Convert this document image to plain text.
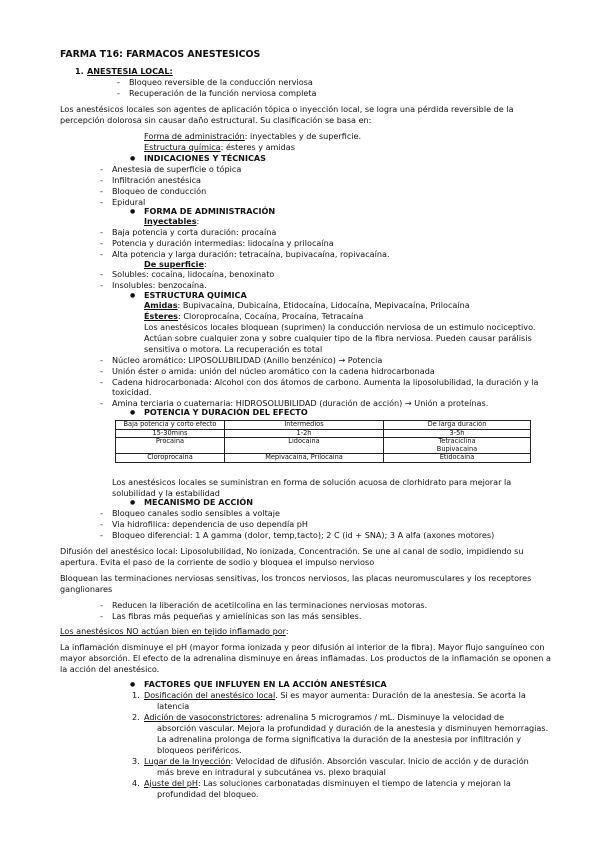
FARMA T16: FARMACOS ANESTESICOS
1. ANESTESIA LOCAL:
- Bloqueo reversible de la conducción nerviosa
- Recuperación de la función nerviosa completa
Los anestésicos locales son agentes de aplicación tópica o inyección local, se logra una pérdida reversible de la
percepción dolorosa sin causar daño estructural. Su clasificación se basa en:
Forma de administración: inyectables y de superficie.
Estructura química: ésteres y amidas
● INDICACIONES Y TÉCNICAS
- Anestesia de superficie o tópica
- Infiltración anestésica
- Bloqueo de conducción
- Epidural
● FORMA DE ADMINISTRACIÓN
Inyectables:
- Baja potencia y corta duración: procaína
- Potencia y duración intermedias: lidocaína y prilocaína
- Alta potencia y larga duración: tetracaína, bupivacaína, ropivacaína.
De superficie:
- Solubles: cocaína, lidocaína, benoxinato
- Insolubles: benzocaína.
● ESTRUCTURA QUÍMICA
Amidas: Bupivacaína, Dubicaína, Etidocaína, Lidocaína, Mepivacaína, Prilocaína
Ésteres: Cloroprocaína, Cocaína, Procaína, Tetracaína
Los anestésicos locales bloquean (suprimen) la conducción nerviosa de un estimulo nociceptivo.
Actúan sobre cualquier zona y sobre cualquier tipo de la fibra nerviosa. Pueden causar parálisis
sensitiva o motora. La recuperación es total
- Núcleo aromático: LIPOSOLUBILIDAD (Anillo benzénico) → Potencia
- Unión éster o amida: unión del núcleo aromático con la cadena hidrocarbonada
- Cadena hidrocarbonada: Alcohol con dos átomos de carbono. Aumenta la liposolubilidad, la duración y la
toxicidad.
- Amina terciaria o cuaternaria: HIDROSOLUBILIDAD (duración de acción) → Unión a proteínas.
● POTENCIA Y DURACIÓN DEL EFECTO
Baja potencia y corto efecto	Intermedios	De larga duración
15-30mins	1-2h	3-5h
Procaína	Lidocaína	Tetracíclina
Bupivacaina

Cloroprocaína	Mepivacaína, Prilocaína	Etidocaina
Los anestésicos locales se suministran en forma de solución acuosa de clorhidrato para mejorar la
solubilidad y la estabilidad
● MECANISMO DE ACCIÓN
- Bloqueo canales sodio sensibles a voltaje
- Via hidrofilica: dependencia de uso dependía pH
- Bloqueo diferencial: 1 A gamma (dolor, temp,tacto); 2 C (id + SNA); 3 A alfa (axones motores)
Difusión del anestésico local: Liposolubilidad, No ionizada, Concentración. Se une al canal de sodio, impidiendo su
apertura. Evita el paso de la corriente de sodio y bloquea el impulso nervioso
Bloquean las terminaciones nerviosas sensitivas, los troncos nerviosos, las placas neuromusculares y los receptores
ganglionares
- Reducen la liberación de acetilcolina en las terminaciones nerviosas motoras.
- Las fibras más pequeñas y amielínicas son las más sensibles.
Los anestésicos NO actúan bien en tejido inflamado por:
La inflamación disminuye el pH (mayor forma ionizada y peor difusión al interior de la fibra). Mayor flujo sanguíneo con
mayor absorción. El efecto de la adrenalina disminuye en áreas inflamadas. Los productos de la inflamación se oponen a
la acción del anestésico.
● FACTORES QUE INFLUYEN EN LA ACCIÓN ANESTÉSICA
1. Dosificación del anestésico local. Si es mayor aumenta: Duración de la anestesia. Se acorta la
latencia
2. Adición de vasoconstrictores: adrenalina 5 microgramos / mL. Disminuye la velocidad de
absorción vascular. Mejora la profundidad y duración de la anestesia y disminuyen hemorragias.
La adrenalina prolonga de forma significativa la duración de la anestesia por infiltración y
bloqueos periféricos.
3. Lugar de la Inyección: Velocidad de difusión. Absorción vascular. Inicio de acción y de duración
más breve en intradural y subcutánea vs. plexo braquial
4. Ajuste del pH: Las soluciones carbonatadas disminuyen el tiempo de latencia y mejoran la
profundidad del bloqueo.
